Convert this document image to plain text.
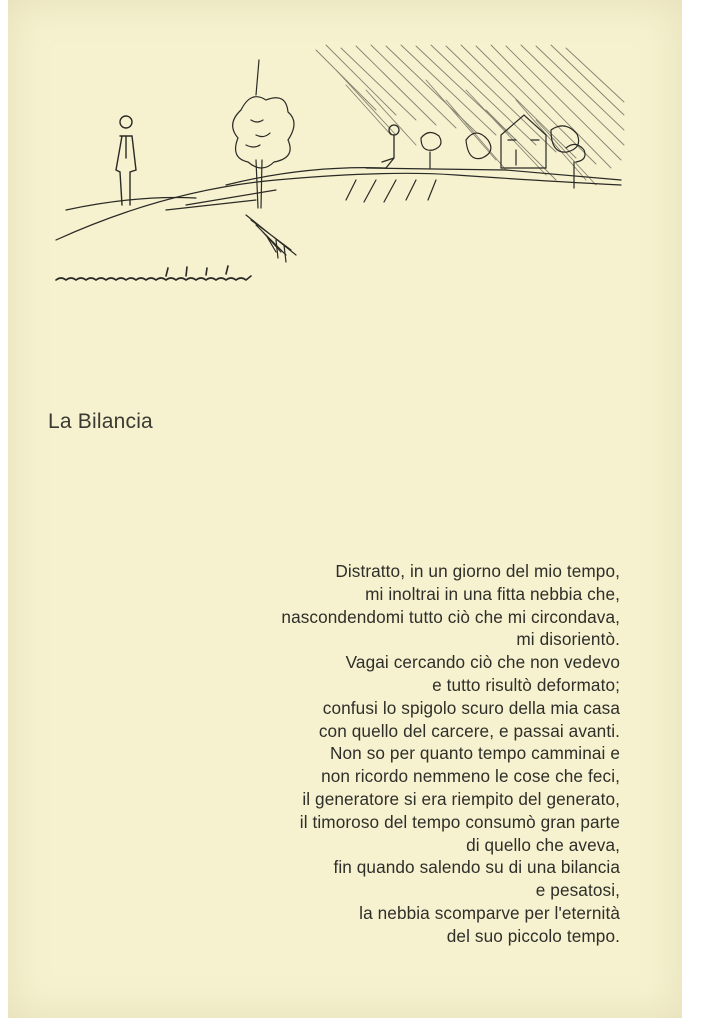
La Bilancia
Distratto, in un giorno del mio tempo,
mi inoltrai in una fitta nebbia che,
nascondendomi tutto ciò che mi circondava,
mi disorientò.
Vagai cercando ciò che non vedevo
e tutto risultò deformato;
confusi lo spigolo scuro della mia casa
con quello del carcere, e passai avanti.
Non so per quanto tempo camminai e
non ricordo nemmeno le cose che feci,
il generatore si era riempito del generato,
il timoroso del tempo consumò gran parte
di quello che aveva,
fin quando salendo su di una bilancia
e pesatosi,
la nebbia scomparve per l'eternità
del suo piccolo tempo.
